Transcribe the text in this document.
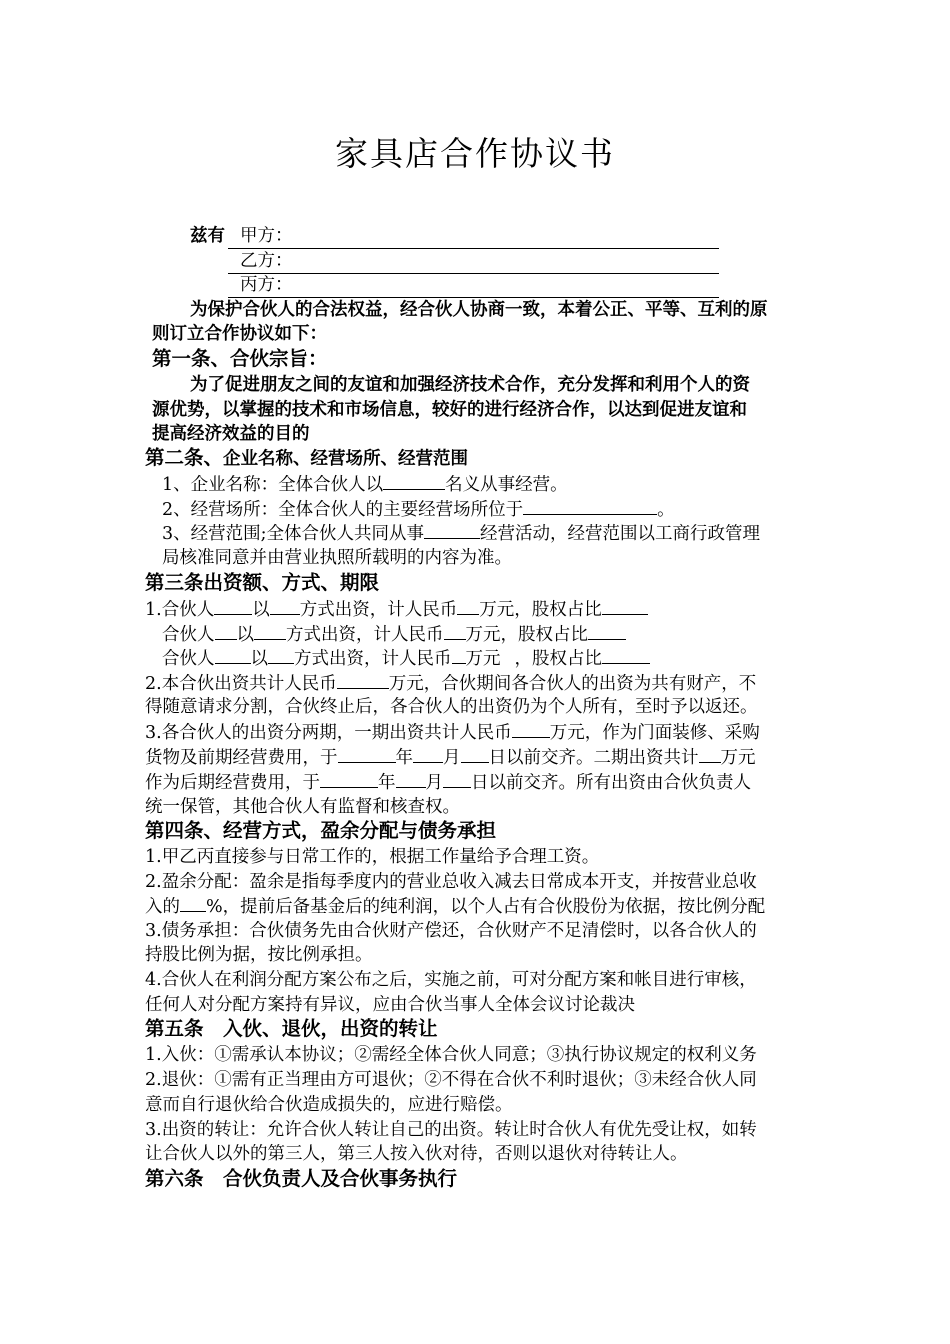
家具店合作协议书
兹有 甲方：
乙方：
丙方：
为保护合伙人的合法权益，经合伙人协商一致，本着公正、平等、互利的原
则订立合作协议如下：
第一条、合伙宗旨：
为了促进朋友之间的友谊和加强经济技术合作，充分发挥和利用个人的资
源优势，以掌握的技术和市场信息，较好的进行经济合作，以达到促进友谊和
提高经济效益的目的
第二条、企业名称、经营场所、经营范围
1、企业名称：全体合伙人以	名义从事经营。
2、经营场所：全体合伙人的主要经营场所位于	。
3、经营范围;全体合伙人共同从事	经营活动，经营范围以工商行政管理
局核准同意并由营业执照所载明的内容为准。
第三条出资额、方式、期限
1.合伙人 以 方式出资，计人民币 万元，股权占比
合伙人 以 方式出资，计人民币 万元，股权占比
合伙人 以 方式出资，计人民币 万元 ，股权占比
2.本合伙出资共计人民币	万元，合伙期间各合伙人的出资为共有财产，不
得随意请求分割，合伙终止后，各合伙人的出资仍为个人所有，至时予以返还。
3.各合伙人的出资分两期，一期出资共计人民币 万元，作为门面装修、采购
货物及前期经营费用，于	年 月 日以前交齐。二期出资共计 万元
作为后期经营费用，于	年 月 日以前交齐。所有出资由合伙负责人
统一保管，其他合伙人有监督和核查权。
第四条、经营方式，盈余分配与债务承担
1.甲乙丙直接参与日常工作的，根据工作量给予合理工资。
2.盈余分配：盈余是指每季度内的营业总收入减去日常成本开支，并按营业总收
入的 %，提前后备基金后的纯利润，以个人占有合伙股份为依据，按比例分配
3.债务承担：合伙债务先由合伙财产偿还，合伙财产不足清偿时，以各合伙人的
持股比例为据，按比例承担。
4.合伙人在利润分配方案公布之后，实施之前，可对分配方案和帐目进行审核，
任何人对分配方案持有异议，应由合伙当事人全体会议讨论裁决
第五条　入伙、退伙，出资的转让
1.入伙：①需承认本协议；②需经全体合伙人同意；③执行协议规定的权利义务
2.退伙：①需有正当理由方可退伙；②不得在合伙不利时退伙；③未经合伙人同
意而自行退伙给合伙造成损失的，应进行赔偿。
3.出资的转让：允许合伙人转让自己的出资。转让时合伙人有优先受让权，如转
让合伙人以外的第三人，第三人按入伙对待，否则以退伙对待转让人。
第六条　合伙负责人及合伙事务执行
